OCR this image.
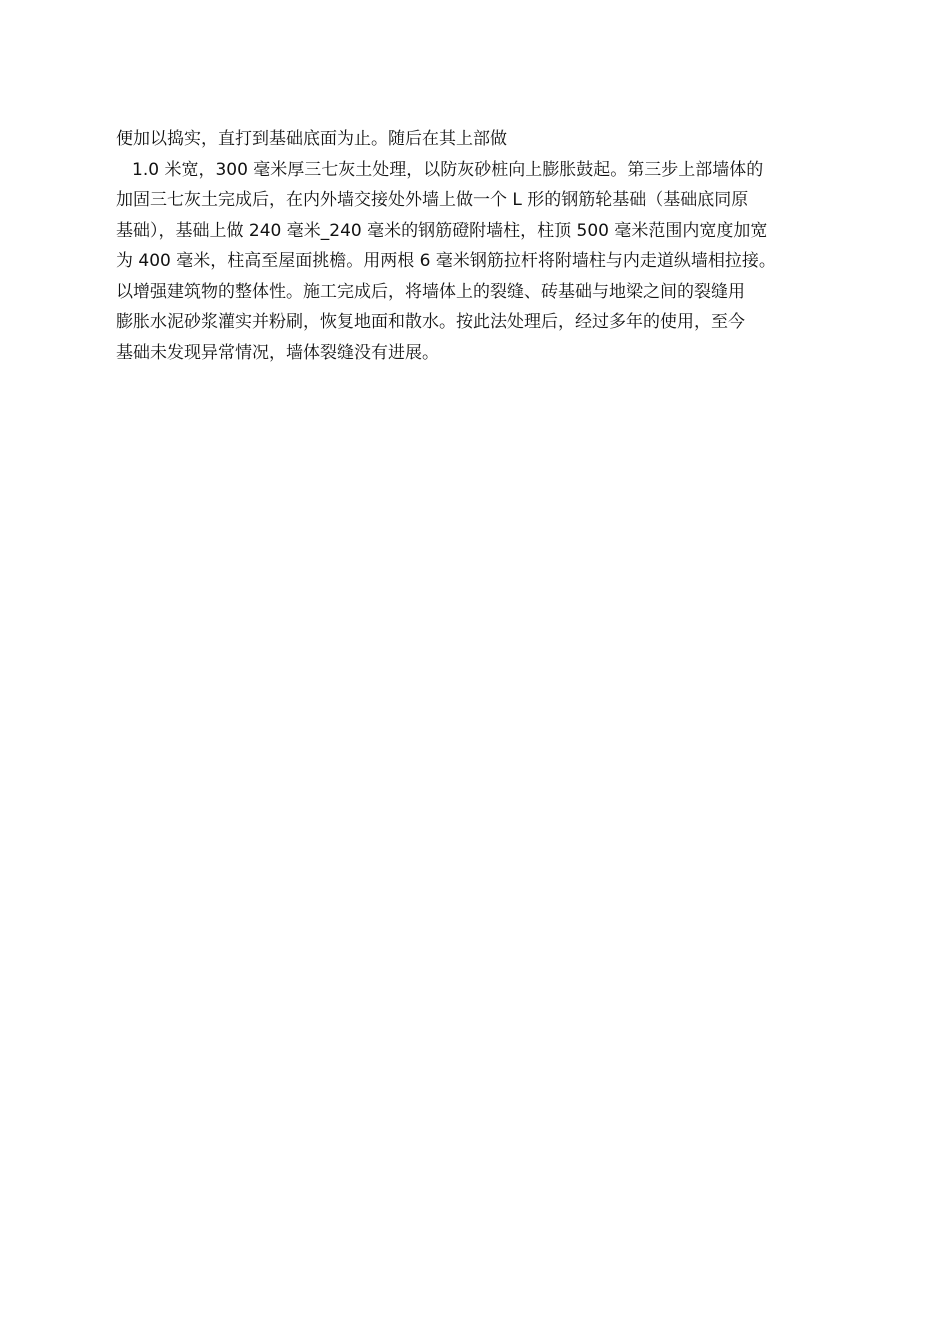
便加以捣实，直打到基础底面为止。随后在其上部做
1.0 米宽，300 毫米厚三七灰土处理，以防灰砂桩向上膨胀鼓起。第三步上部墙体的
加固三七灰土完成后，在内外墙交接处外墙上做一个 L 形的钢筋轮基础（基础底同原
基础），基础上做 240 毫米_240 毫米的钢筋磴附墙柱，柱顶 500 毫米范围内宽度加宽
为 400 毫米，柱高至屋面挑檐。用两根 6 毫米钢筋拉杆将附墙柱与内走道纵墙相拉接。
以增强建筑物的整体性。施工完成后，将墙体上的裂缝、砖基础与地梁之间的裂缝用
膨胀水泥砂浆灌实并粉刷，恢复地面和散水。按此法处理后，经过多年的使用，至今
基础未发现异常情况，墙体裂缝没有进展。
